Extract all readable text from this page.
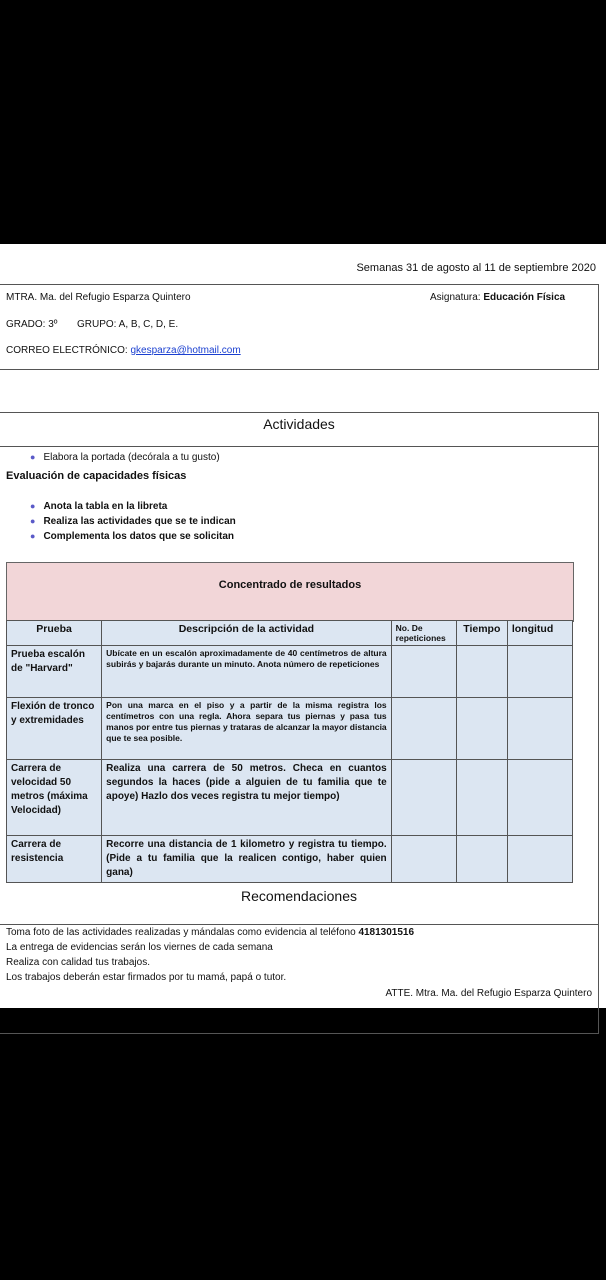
Semanas 31 de agosto al 11 de septiembre 2020
MTRA. Ma. del Refugio Esparza Quintero	Asignatura: Educación Física
GRADO: 3º GRUPO: A, B, C, D, E.
CORREO ELECTRÓNICO: gkesparza@hotmail.com
Actividades
● Elabora la portada (decórala a tu gusto)
Evaluación de capacidades físicas
● Anota la tabla en la libreta
● Realiza las actividades que se te indican
● Complementa los datos que se solicitan
Concentrado de resultados
Prueba	Descripción de la actividad	No. De repeticiones	Tiempo	longitud
Prueba escalón de "Harvard"	Ubícate en un escalón aproximadamente de 40 centímetros de altura subirás y bajarás durante un minuto. Anota número de repeticiones			
Flexión de tronco y extremidades	Pon una marca en el piso y a partir de la misma registra los centímetros con una regla. Ahora separa tus piernas y pasa tus manos por entre tus piernas y trataras de alcanzar la mayor distancia que te sea posible.			
Carrera de velocidad 50 metros (máxima Velocidad)	Realiza una carrera de 50 metros. Checa en cuantos segundos la haces (pide a alguien de tu familia que te apoye) Hazlo dos veces registra tu mejor tiempo)			
Carrera de resistencia	Recorre una distancia de 1 kilometro y registra tu tiempo. (Pide a tu familia que la realicen contigo, haber quien gana)			
Recomendaciones
Toma foto de las actividades realizadas y mándalas como evidencia al teléfono 4181301516
La entrega de evidencias serán los viernes de cada semana
Realiza con calidad tus trabajos.
Los trabajos deberán estar firmados por tu mamá, papá o tutor.
ATTE. Mtra. Ma. del Refugio Esparza Quintero
